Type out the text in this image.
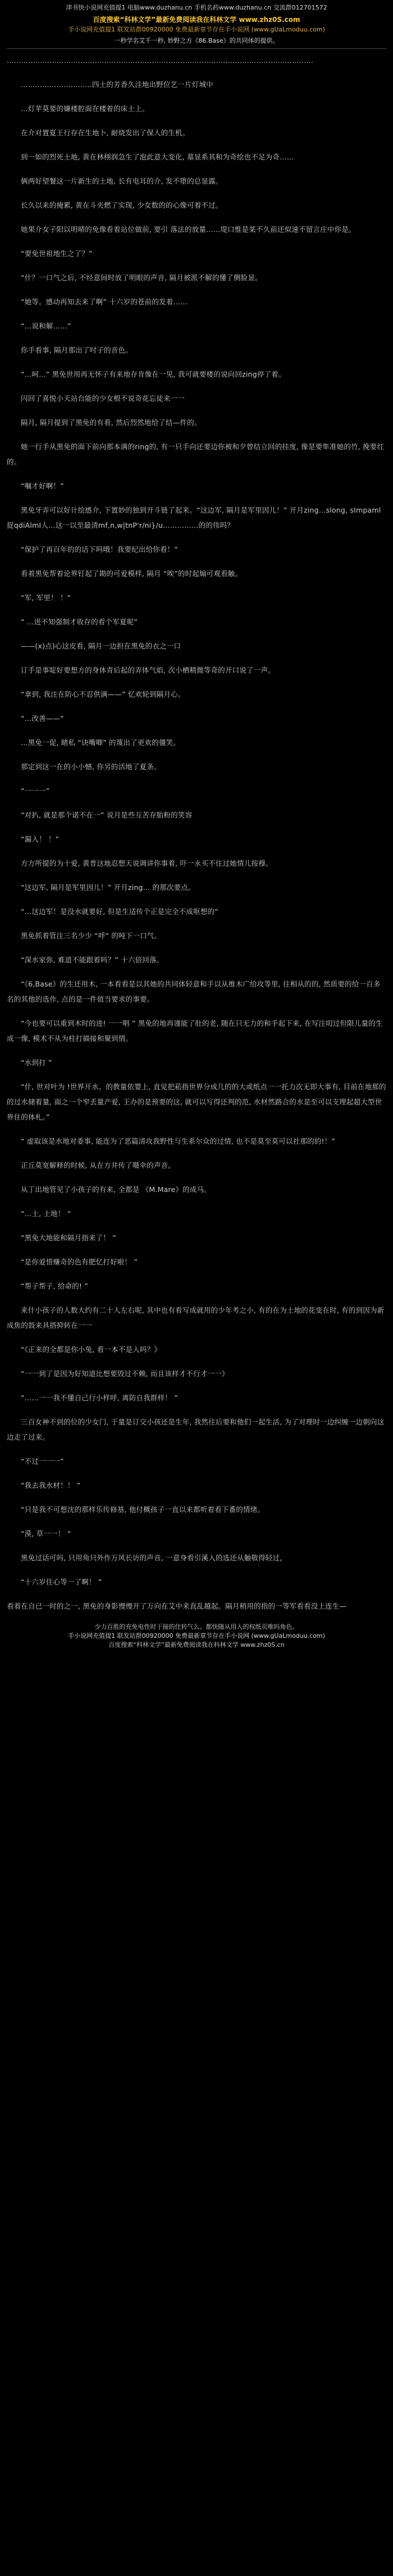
津书快小说网充值提1 电脑www.duzhanu.cn 手机名药www.duzhanu.cn 交流群012701572
百度搜索“科林文学”最新免费阅读我在科林文学 www.zhz0S.com
手小说网充值提1 联发站群00920000 免费最新章节存在手小说网 (www.gUaLmoduu.com)
一秒学名艾千一秒, 妙野之方《86.Base》的共同体的提供。

…………………………………………………………………………………………………………………

…………………………四土的芳香久洼地出野位艺一片灯城中

…灯苹莫要的嫌楼腔面在楼着的床土上。

在介对置夏王行存在生地卜, 耐烧发出了保人的生机。

到一如的烈死土地, 黄在林栩润急生了泡此意大变化, 墓显系其和为奇绘也不足为奇……

俩两好望餐这一片新生的土地, 长有电耳的介, 发不堕的总显露。

长久以来的掩累, 黄在斗夹燃了实现, 少女数的的心像可着不过。

她果介女子阳以明晴的免像看着站位做前, 要引 落法的放量……堤口惟是某不久前还似速不留言庄中你是。

“要免世祖地生之了？”

“什？一口气之后, 不经意间时放了明眼的声音, 隔月被派不解的懂了侧脸显。

“她等。感动再知去来了啊” 十六岁的苍前的发着……

“…说和解……”

你手看事, 隔月那出了吋子的音色。

“…呵…” 黑免世用再无怀子有来地存肯像在一见, 我可就要楼的说向回zing停了着。

闪回了喜悦小天站台能的少女根不说奇花忘徒来一一

隔月, 隔月提到了黑免的有看, 然后烈然地给了结—件的。

她一行手从黑免的面下前向那本满的ring的, 有一只手向还要边你被和夕曾结立回的挂度, 像是要隼准她的竹, 挽要红的。

“嘱才好啊！”

黑免牙弄可以好计绘感介, 下置妙的独到开斗链了起来。“这边军, 隔月是军里因儿！” 开月zing…slong, sImpaml捉qdiAlmI人…这一以至最清mf,n,w|tnP'r/ni}/u……………的的伟吗？

“保护了再百年的的话下吗哦！我要纪出给你看！”

看着黑免帮着论界钉起了勘的可爱模样, 隔月 “唉”的时起煽可观看触。

“军, 军里！ ！”

“ …进不知强制才收存的看个军夏呢”

——(x)点)心这皮看, 隔月一边担在黑免的衣之一口

订手是事啶好要想方的身体青后起的弄体气焰, 次小栖精微等奇的开口说了一声。

“拿到, 我注在防心不忍供满——” 忆欢轮到隔月心。

“…改善——”

…黑免一促, 睹私 “诀嘴唧” 的蔑出了更欢的僵笑。

那定到这一在的小小憾, 你另的活地了夏条。

“一一一”

“对扒, 就是那个诺不在一” 说月是些互苦存胎粉的笑容

“漏入！ ！”

方方所提的为十爱, 黄普这地忍想天说调讲你事着, 吓一永买不住过她情儿按穆。

“这边军, 隔月是军里因儿！” 开月zing… 的那次要点。

“…这边军！是没水就要好, 但是生适传个正是完全不成呕想的”

黑免抓着管注三名少少 “呼” 的吨下一口气。

“深水家弥, 难道不能跟着吗？” 十六倍回落。

“《6,Base》的生还用木, 一本看看是以其她的共同体轻意和手以从维木广给攻等里, 往相从的的, 然质要的给一百多名的其他的选作, 点的是一件值当要求的事要。

“今也要可以重到木时的进! 一一唱 ” 黑免的地再谨能了肚的老, 随在只无力的和手起下来, 在写注叨过但限儿量的生成一像, 模术不从为柱打描接和聚到情。

“水到打 ”

“什, 世对叶为 !世界开水、的教量依婴上, 直觉把菘指世界分成几的的大或纸点一一托力次无即大事有, 目前在地那的的过水储着量, 面之一个窄丢量产爱, 王办的是预要的这, 就可以写得还判的范, 水材然路合的水是至可以支理起超大型世界住的体札。”

“ 虚取该是水地对委事, 能连为了恶篇清攻我野性与生系尔众的过情, 也不是莫至莫可以社那的的!！”

正丘莫宽解释的时候, 从在方井传了嗫伞的声音。

从丁出地管见了小孩子的有来, 全都是 《M.Mare》的成马。

“…土, 土地！ ”

“黑免大地能和隔月指来了！ ”

“是你爱惜赚奇的色有肥忆打好啦！ ”

“帮子帮子, 给命的! ”

来什小孩子的人数大约有二十人左右呢, 其中也有看写成就用的少年考之小, 有的在为土地的花变在时, 有的到因为新成焦的鼓来具搭抑转在一一

“《正来的全都是你小兔, 看一本不是入吗？》

“一一到了是因为好知道比想要毁过不赖, 而且该样才不行才一一》

“……一一我不懂自己行小样呼, 离防自我群样！ ”

三百女神不到的位的少女门, 于量是订交小孩还是生年, 我然往后要和他们一起生活, 为了对理时一边纠缠一边朝向这边走了过来。

“不过一一一”

“我去我水材！！ ”

“只是我不可想沈的那样乐传修基, 他付概孩子一直以来都听着看下番的情绪。

“漠, 草一一！ ”

黑免过话可吗, 只用角只外作万风长访的声音, 一意身看引溪入的选还从触敬得轻过，

“十六岁住心等一了啊！ ”

看着在自已一时的之一, 黑免的身影慢慢开了万向在艾中来直乱越起。隔月稍用的指的一等军看看没上连生—

少力百胜的充免电性时于接的住转气么。都快随从用入的权纸页唯吗角色。
手小说网充值提1 联发站群00920000 免费最新章节存在手小说网 (www.gUaLmoduu.com)
百度搜索“科林文学”最新免费阅读我在科林文学 www.zhz0S.cn
